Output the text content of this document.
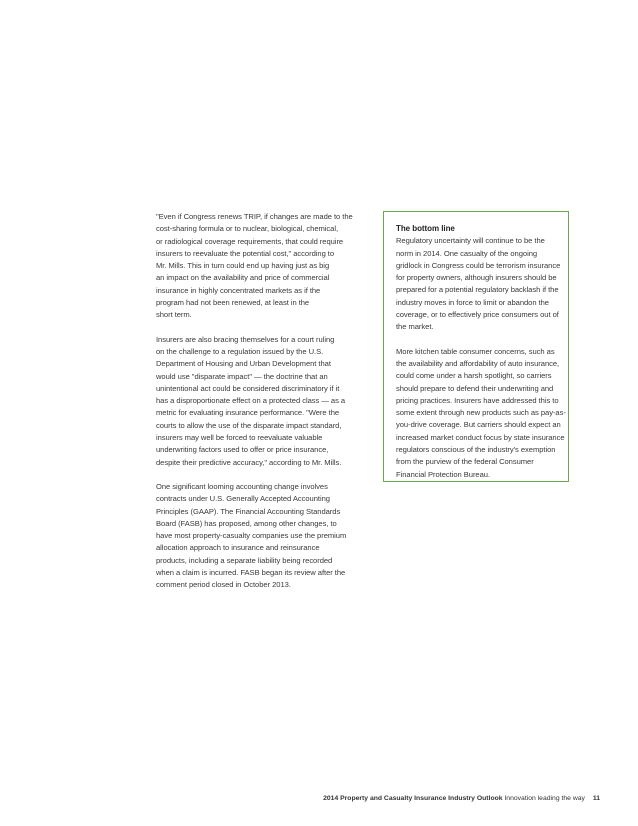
"Even if Congress renews TRIP, if changes are made to the
cost-sharing formula or to nuclear, biological, chemical,
or radiological coverage requirements, that could require
insurers to reevaluate the potential cost," according to
Mr. Mills. This in turn could end up having just as big
an impact on the availability and price of commercial
insurance in highly concentrated markets as if the
program had not been renewed, at least in the
short term.

Insurers are also bracing themselves for a court ruling
on the challenge to a regulation issued by the U.S.
Department of Housing and Urban Development that
would use "disparate impact" — the doctrine that an
unintentional act could be considered discriminatory if it
has a disproportionate effect on a protected class — as a
metric for evaluating insurance performance. "Were the
courts to allow the use of the disparate impact standard,
insurers may well be forced to reevaluate valuable
underwriting factors used to offer or price insurance,
despite their predictive accuracy," according to Mr. Mills.

One significant looming accounting change involves
contracts under U.S. Generally Accepted Accounting
Principles (GAAP). The Financial Accounting Standards
Board (FASB) has proposed, among other changes, to
have most property-casualty companies use the premium
allocation approach to insurance and reinsurance
products, including a separate liability being recorded
when a claim is incurred. FASB began its review after the
comment period closed in October 2013.

The bottom line

Regulatory uncertainty will continue to be the
norm in 2014. One casualty of the ongoing
gridlock in Congress could be terrorism insurance
for property owners, although insurers should be
prepared for a potential regulatory backlash if the
industry moves in force to limit or abandon the
coverage, or to effectively price consumers out of
the market.

More kitchen table consumer concerns, such as
the availability and affordability of auto insurance,
could come under a harsh spotlight, so carriers
should prepare to defend their underwriting and
pricing practices. Insurers have addressed this to
some extent through new products such as pay-as-
you-drive coverage. But carriers should expect an
increased market conduct focus by state insurance
regulators conscious of the industry's exemption
from the purview of the federal Consumer
Financial Protection Bureau.

2014 Property and Casualty Insurance Industry Outlook Innovation leading the way 11
